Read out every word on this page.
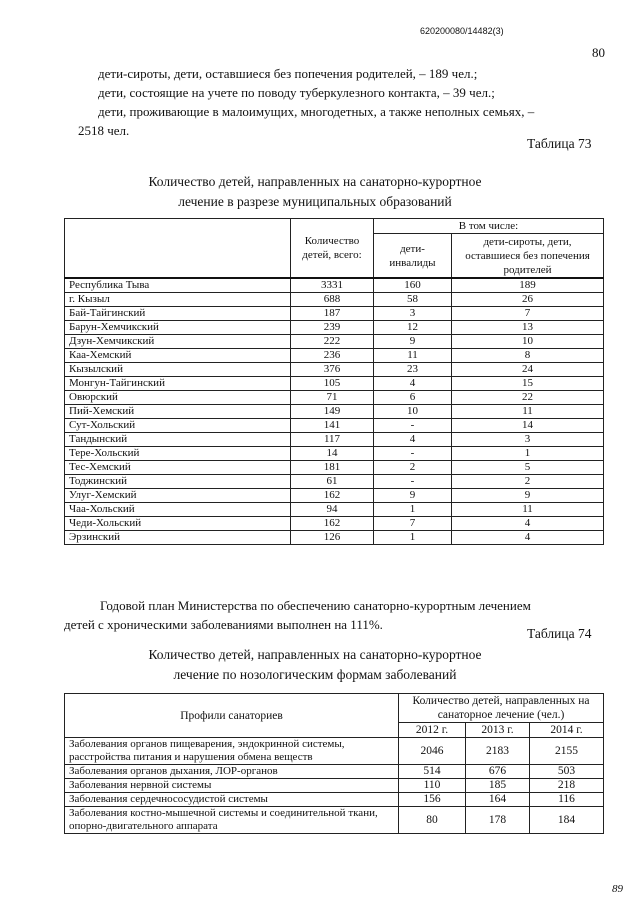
620200080/14482(3)
80

дети-сироты, дети, оставшиеся без попечения родителей, – 189 чел.;

дети, состоящие на учете по поводу туберкулезного контакта, – 39 чел.;

дети, проживающие в малоимущих, многодетных, а также неполных семьях, –

2518 чел.

Таблица 73
Количество детей, направленных на санаторно-курортное
лечение в разрезе муниципальных образований
	Количество детей, всего:	В том числе:	
		дети-инвалиды	дети-сироты, дети, оставшиеся без попечения родителей
Республика Тыва	3331	160	189
г. Кызыл	688	58	26
Бай-Тайгинский	187	3	7
Барун-Хемчикский	239	12	13
Дзун-Хемчикский	222	9	10
Каа-Хемский	236	11	8
Кызылский	376	23	24
Монгун-Тайгинский	105	4	15
Овюрский	71	6	22
Пий-Хемский	149	10	11
Сут-Хольский	141	-	14
Тандынский	117	4	3
Тере-Хольский	14	-	1
Тес-Хемский	181	2	5
Тоджинский	61	-	2
Улуг-Хемский	162	9	9
Чаа-Хольский	94	1	11
Чеди-Хольский	162	7	4
Эрзинский	126	1	4

Годовой план Министерства по обеспечению санаторно-курортным лечением

детей с хроническими заболеваниями выполнен на 111%.

Таблица 74
Количество детей, направленных на санаторно-курортное
лечение по нозологическим формам заболеваний
Профили санаториев	Количество детей, направленных на санаторное лечение (чел.)		
	2012 г.	2013 г.	2014 г.
Заболевания органов пищеварения, эндокринной системы, расстройства питания и нарушения обмена веществ	2046	2183	2155
Заболевания органов дыхания, ЛОР-органов	514	676	503
Заболевания нервной системы	110	185	218
Заболевания сердечнососудистой системы	156	164	116
Заболевания костно-мышечной системы и соединительной ткани, опорно-двигательного аппарата	80	178	184
89
